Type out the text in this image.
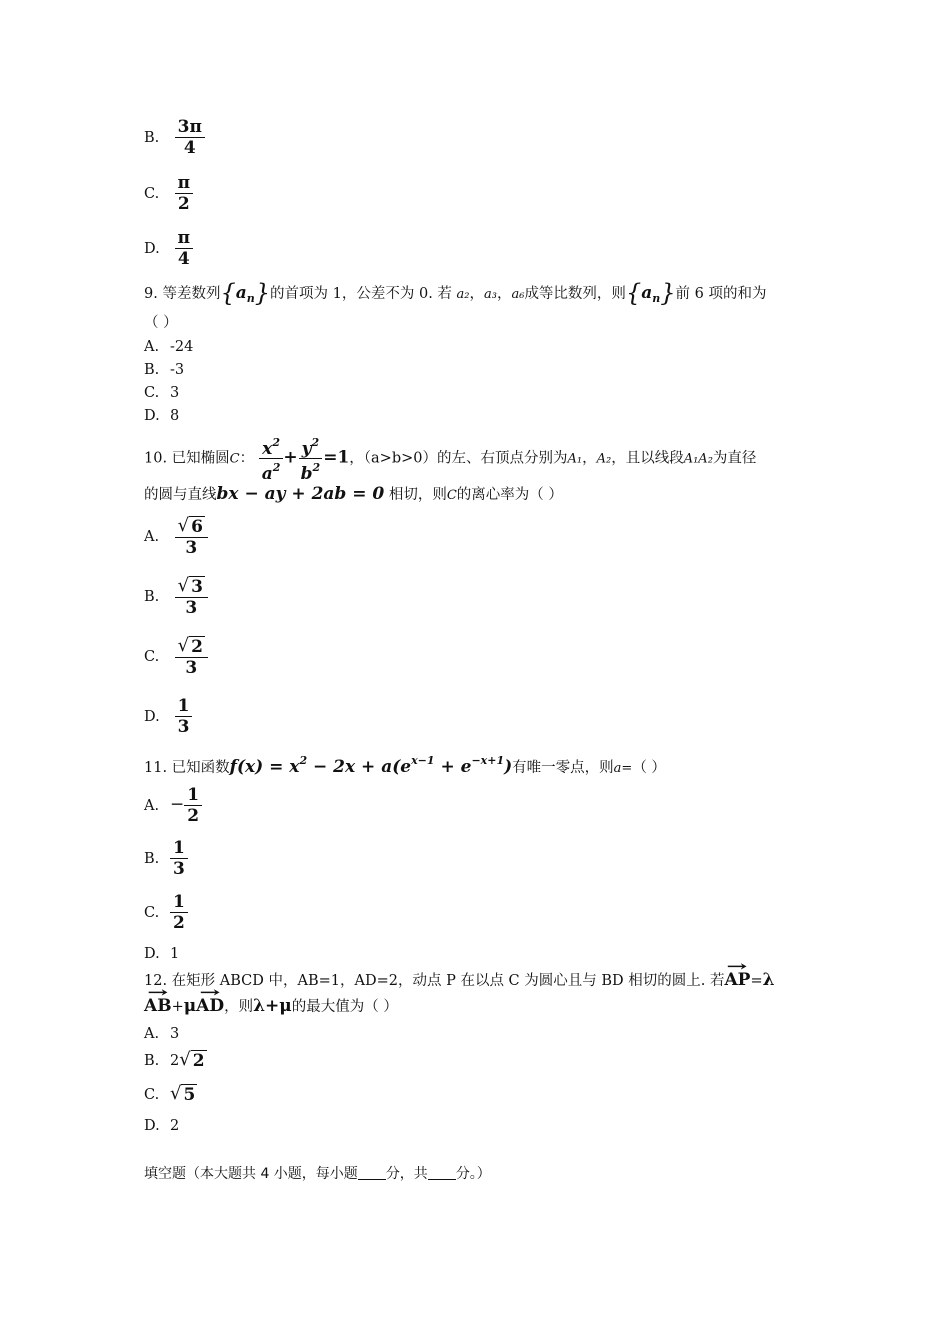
B. $\frac{3\pi}{4}$
C. $\frac{\pi}{2}$
D. $\frac{\pi}{4}$
9. 等差数列$\{a_n\}$的首项为 1，公差不为 0. 若 a₂，a₃，a₆成等比数列，则$\{a_n\}$前 6 项的和为
（ ）
A. -24
B. -3
C. 3
D. 8
10. 已知椭圆C： $\frac{x^2}{a^2} + \frac{y^2}{b^2} =1$，（a>b>0）的左、右顶点分别为A₁，A₂，且以线段A₁A₂为直径
的圆与直线bx − ay + 2ab = 0 相切，则C的离心率为（ ）
A. $\frac{√ 6}{3}$
B. $\frac{√ 3}{3}$
C. $\frac{√ 2}{3}$
D. $\frac{1}{3}$
11. 已知函数$f(x) = x^2 - 2x + a(e^{x-1} + e^{-x+1})$有唯一零点，则a=（ ）
A. − $\frac{1}{2}$
B. $\frac{1}{3}$
C. $\frac{1}{2}$
D. 1
12. 在矩形 ABCD 中，AB=1，AD=2，动点 P 在以点 C 为圆心且与 BD 相切的圆上. 若→ AP=λ
→ AB+μ→ AD，则λ+μ的最大值为（ ）
A. 3
B. 2 √ 2
C. √ 5
D. 2
填空题（本大题共 4 小题，每小题 分，共 分。）
